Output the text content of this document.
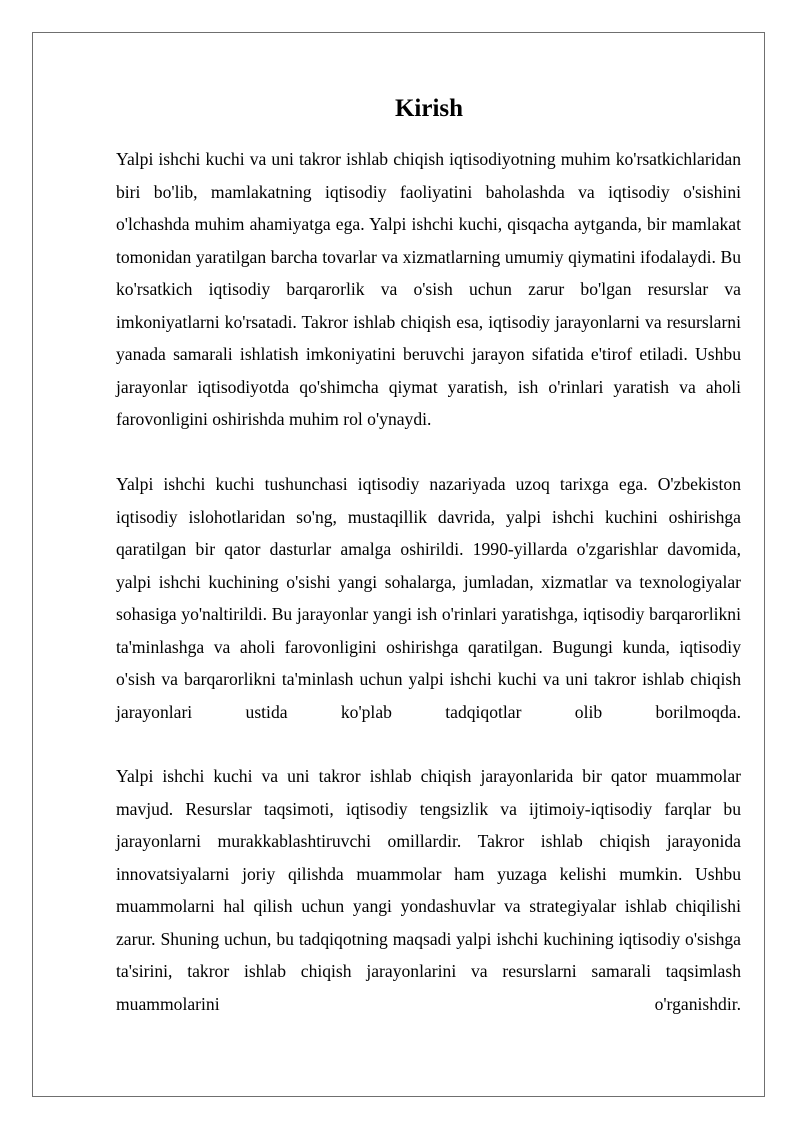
Kirish

Yalpi ishchi kuchi va uni takror ishlab chiqish iqtisodiyotning muhim ko'rsatkichlaridan biri bo'lib, mamlakatning iqtisodiy faoliyatini baholashda va iqtisodiy o'sishini o'lchashda muhim ahamiyatga ega. Yalpi ishchi kuchi, qisqacha aytganda, bir mamlakat tomonidan yaratilgan barcha tovarlar va xizmatlarning umumiy qiymatini ifodalaydi. Bu ko'rsatkich iqtisodiy barqarorlik va o'sish uchun zarur bo'lgan resurslar va imkoniyatlarni ko'rsatadi. Takror ishlab chiqish esa, iqtisodiy jarayonlarni va resurslarni yanada samarali ishlatish imkoniyatini beruvchi jarayon sifatida e'tirof etiladi. Ushbu jarayonlar iqtisodiyotda qo'shimcha qiymat yaratish, ish o'rinlari yaratish va aholi farovonligini oshirishda muhim rol o'ynaydi.

Yalpi ishchi kuchi tushunchasi iqtisodiy nazariyada uzoq tarixga ega. O'zbekiston iqtisodiy islohotlaridan so'ng, mustaqillik davrida, yalpi ishchi kuchini oshirishga qaratilgan bir qator dasturlar amalga oshirildi. 1990-yillarda o'zgarishlar davomida, yalpi ishchi kuchining o'sishi yangi sohalarga, jumladan, xizmatlar va texnologiyalar sohasiga yo'naltirildi. Bu jarayonlar yangi ish o'rinlari yaratishga, iqtisodiy barqarorlikni ta'minlashga va aholi farovonligini oshirishga qaratilgan. Bugungi kunda, iqtisodiy o'sish va barqarorlikni ta'minlash uchun yalpi ishchi kuchi va uni takror ishlab chiqish jarayonlari ustida ko'plab tadqiqotlar olib borilmoqda.

Yalpi ishchi kuchi va uni takror ishlab chiqish jarayonlarida bir qator muammolar mavjud. Resurslar taqsimoti, iqtisodiy tengsizlik va ijtimoiy-iqtisodiy farqlar bu jarayonlarni murakkablashtiruvchi omillardir. Takror ishlab chiqish jarayonida innovatsiyalarni joriy qilishda muammolar ham yuzaga kelishi mumkin. Ushbu muammolarni hal qilish uchun yangi yondashuvlar va strategiyalar ishlab chiqilishi zarur. Shuning uchun, bu tadqiqotning maqsadi yalpi ishchi kuchining iqtisodiy o'sishga ta'sirini, takror ishlab chiqish jarayonlarini va resurslarni samarali taqsimlash muammolarini o'rganishdir.
